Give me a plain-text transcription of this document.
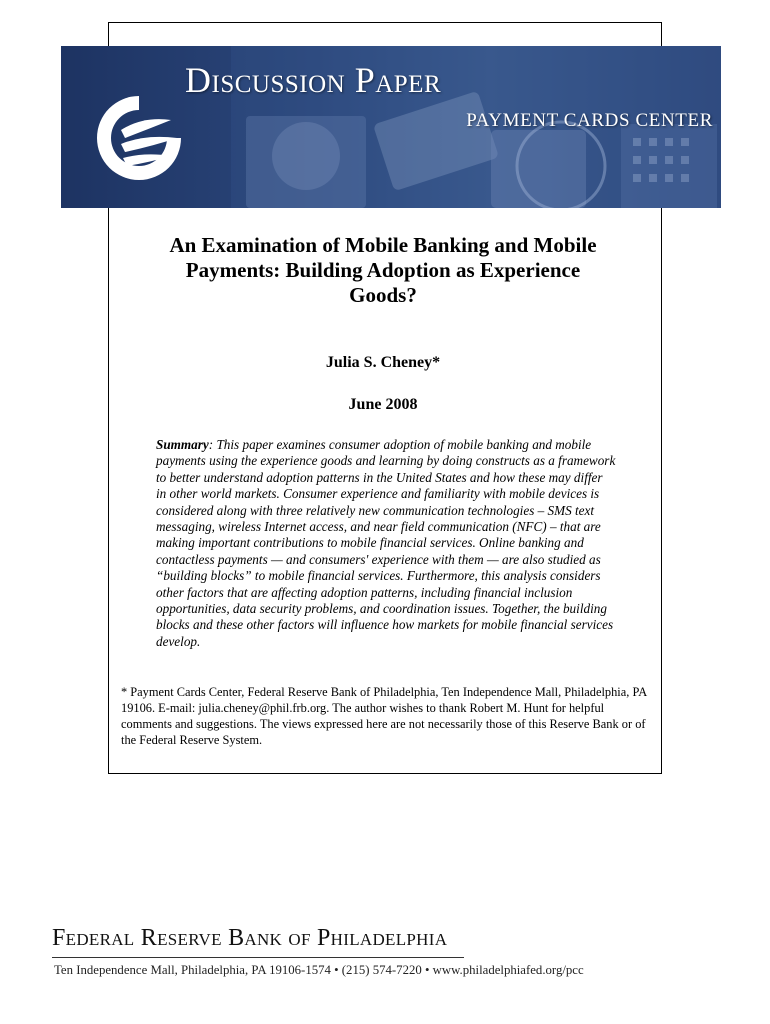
Discussion Paper
PAYMENT CARDS CENTER
An Examination of Mobile Banking and Mobile Payments: Building Adoption as Experience Goods?
Julia S. Cheney*
June 2008
Summary: This paper examines consumer adoption of mobile banking and mobile payments using the experience goods and learning by doing constructs as a framework to better understand adoption patterns in the United States and how these may differ in other world markets. Consumer experience and familiarity with mobile devices is considered along with three relatively new communication technologies – SMS text messaging, wireless Internet access, and near field communication (NFC) – that are making important contributions to mobile financial services. Online banking and contactless payments — and consumers' experience with them — are also studied as “building blocks” to mobile financial services. Furthermore, this analysis considers other factors that are affecting adoption patterns, including financial inclusion opportunities, data security problems, and coordination issues. Together, the building blocks and these other factors will influence how markets for mobile financial services develop.
* Payment Cards Center, Federal Reserve Bank of Philadelphia, Ten Independence Mall, Philadelphia, PA 19106. E-mail: julia.cheney@phil.frb.org. The author wishes to thank Robert M. Hunt for helpful comments and suggestions. The views expressed here are not necessarily those of this Reserve Bank or of the Federal Reserve System.
Federal Reserve Bank of Philadelphia
Ten Independence Mall, Philadelphia, PA 19106-1574 • (215) 574-7220 • www.philadelphiafed.org/pcc
